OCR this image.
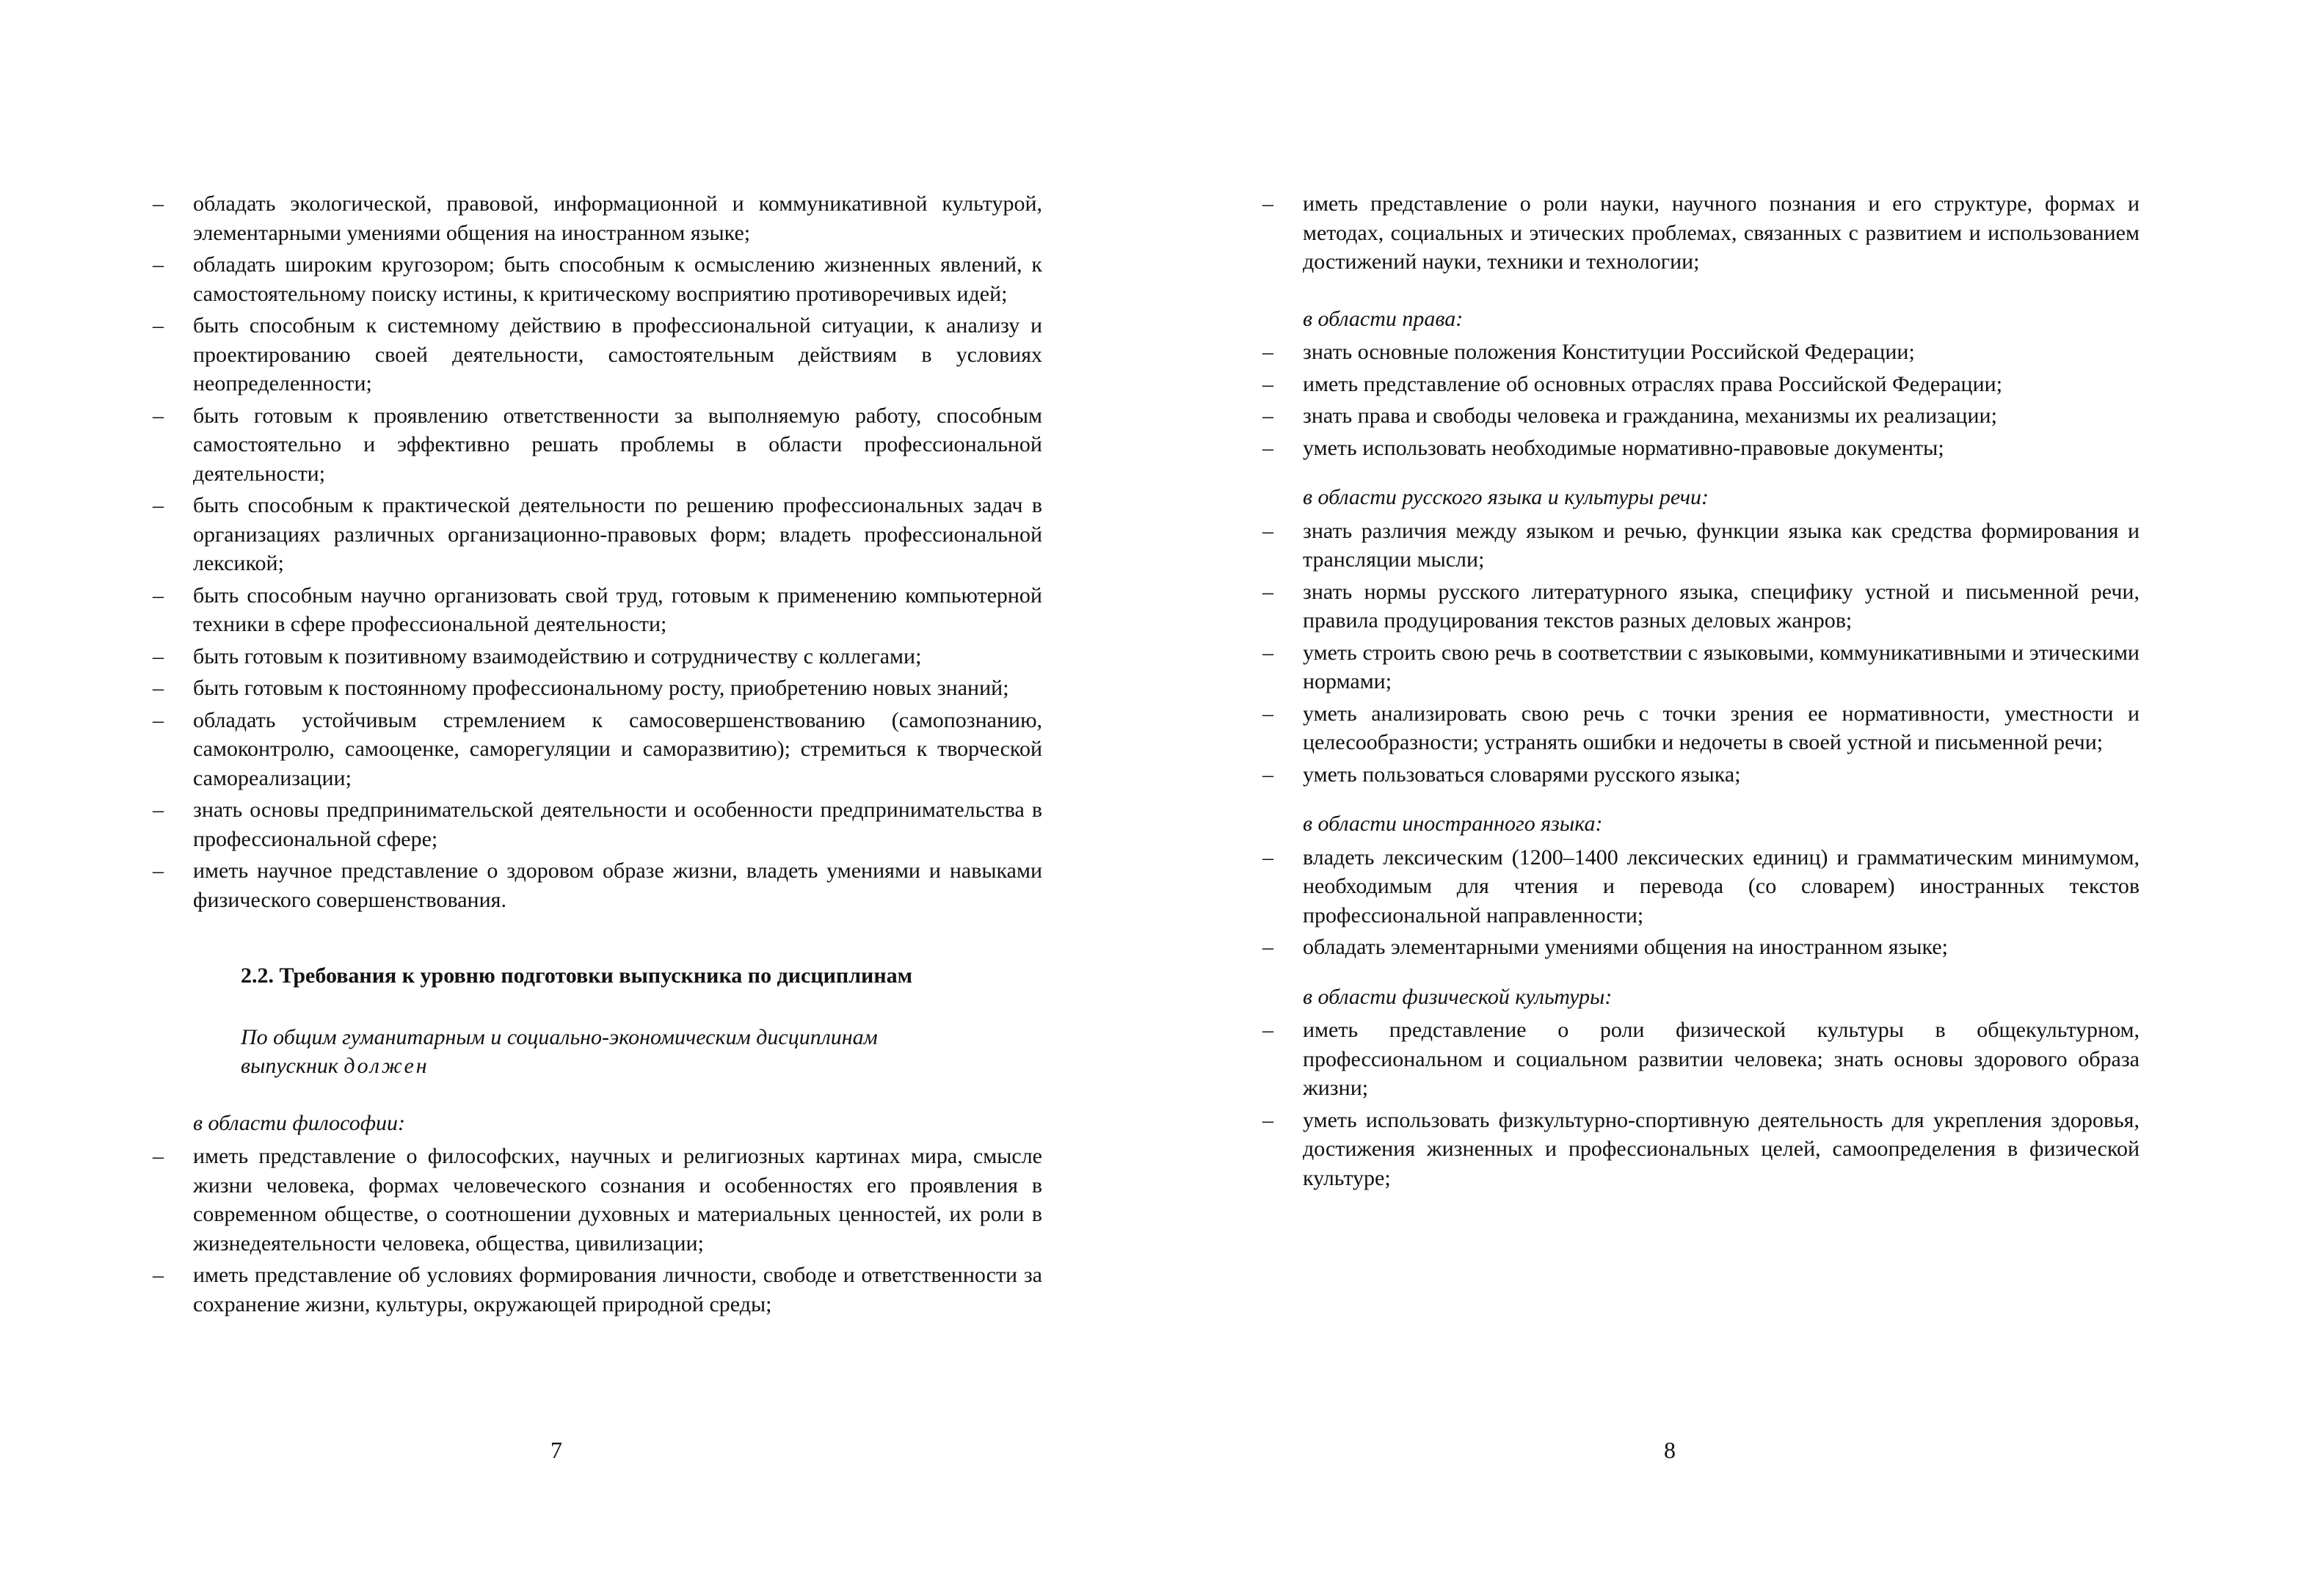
– обладать экологической, правовой, информационной и коммуникативной культурой, элементарными умениями общения на иностранном языке;
– обладать широким кругозором; быть способным к осмыслению жизненных явлений, к самостоятельному поиску истины, к критическому восприятию противоречивых идей;
– быть способным к системному действию в профессиональной ситуации, к анализу и проектированию своей деятельности, самостоятельным действиям в условиях неопределенности;
– быть готовым к проявлению ответственности за выполняемую работу, способным самостоятельно и эффективно решать проблемы в области профессиональной деятельности;
– быть способным к практической деятельности по решению профессиональных задач в организациях различных организационно-правовых форм; владеть профессиональной лексикой;
– быть способным научно организовать свой труд, готовым к применению компьютерной техники в сфере профессиональной деятельности;
– быть готовым к позитивному взаимодействию и сотрудничеству с коллегами;
– быть готовым к постоянному профессиональному росту, приобретению новых знаний;
– обладать устойчивым стремлением к самосовершенствованию (самопознанию, самоконтролю, самооценке, саморегуляции и саморазвитию); стремиться к творческой самореализации;
– знать основы предпринимательской деятельности и особенности предпринимательства в профессиональной сфере;
– иметь научное представление о здоровом образе жизни, владеть умениями и навыками физического совершенствования.
2.2. Требования к уровню подготовки выпускника по дисциплинам
По общим гуманитарным и социально-экономическим дисциплинам
выпускник должен
в области философии:
– иметь представление о философских, научных и религиозных картинах мира, смысле жизни человека, формах человеческого сознания и особенностях его проявления в современном обществе, о соотношении духовных и материальных ценностей, их роли в жизнедеятельности человека, общества, цивилизации;
– иметь представление об условиях формирования личности, свободе и ответственности за сохранение жизни, культуры, окружающей природной среды;
7
– иметь представление о роли науки, научного познания и его структуре, формах и методах, социальных и этических проблемах, связанных с развитием и использованием достижений науки, техники и технологии;
в области права:
– знать основные положения Конституции Российской Федерации;
– иметь представление об основных отраслях права Российской Федерации;
– знать права и свободы человека и гражданина, механизмы их реализации;
– уметь использовать необходимые нормативно-правовые документы;
в области русского языка и культуры речи:
– знать различия между языком и речью, функции языка как средства формирования и трансляции мысли;
– знать нормы русского литературного языка, специфику устной и письменной речи, правила продуцирования текстов разных деловых жанров;
– уметь строить свою речь в соответствии с языковыми, коммуникативными и этическими нормами;
– уметь анализировать свою речь с точки зрения ее нормативности, уместности и целесообразности; устранять ошибки и недочеты в своей устной и письменной речи;
– уметь пользоваться словарями русского языка;
в области иностранного языка:
– владеть лексическим (1200–1400 лексических единиц) и грамматическим минимумом, необходимым для чтения и перевода (со словарем) иностранных текстов профессиональной направленности;
– обладать элементарными умениями общения на иностранном языке;
в области физической культуры:
– иметь представление о роли физической культуры в общекультурном, профессиональном и социальном развитии человека; знать основы здорового образа жизни;
– уметь использовать физкультурно-спортивную деятельность для укрепления здоровья, достижения жизненных и профессиональных целей, самоопределения в физической культуре;
8
